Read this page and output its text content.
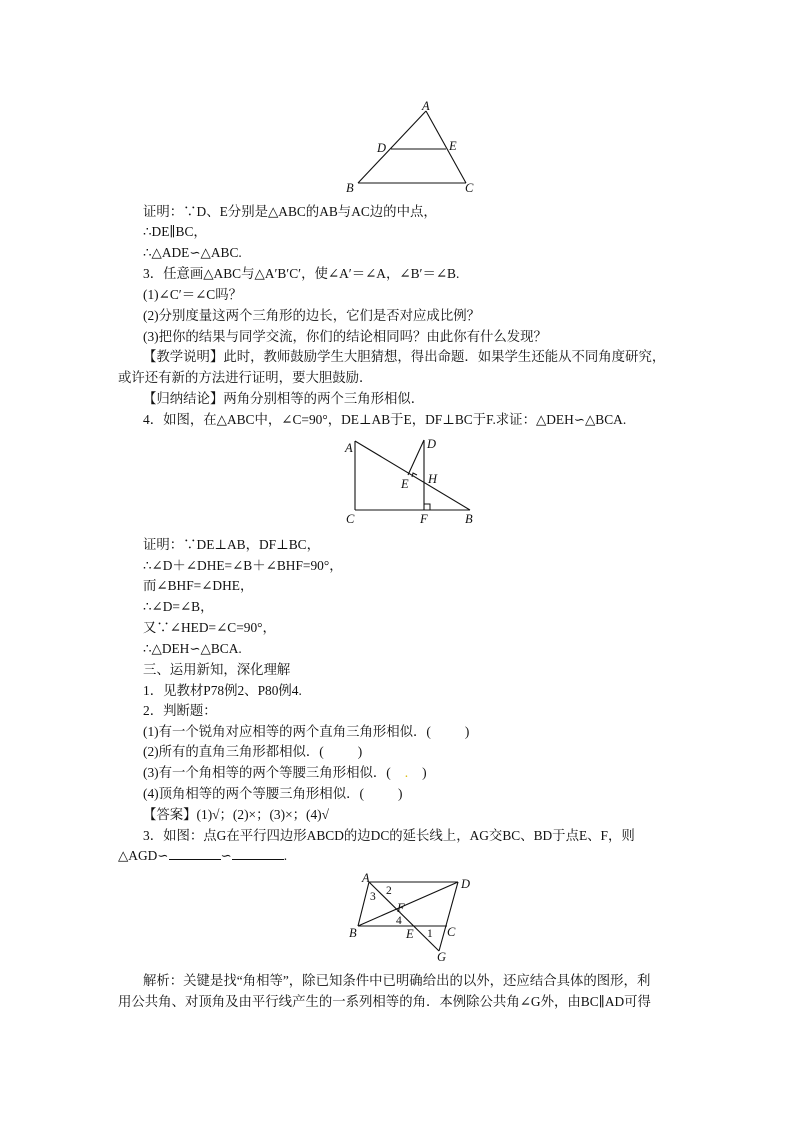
A
D	E
B	C
证明：∵D、E分别是△ABC的AB与AC边的中点，
∴DE∥BC，
∴△ADE∽△ABC.
3．任意画△ABC与△A′B′C′，使∠A′＝∠A，∠B′＝∠B.
(1)∠C′＝∠C吗？
(2)分别度量这两个三角形的边长，它们是否对应成比例？
(3)把你的结果与同学交流，你们的结论相同吗？由此你有什么发现？
【教学说明】此时，教师鼓励学生大胆猜想，得出命题．如果学生还能从不同角度研究，
或许还有新的方法进行证明，要大胆鼓励．
【归纳结论】两角分别相等的两个三角形相似．
4．如图，在△ABC中，∠C=90°，DE⊥AB于E，DF⊥BC于F.求证：△DEH∽△BCA.
A	D
H
E
C	F	B
证明：∵DE⊥AB，DF⊥BC，
∴∠D＋∠DHE=∠B＋∠BHF=90°，
而∠BHF=∠DHE，
∴∠D=∠B，
又∵∠HED=∠C=90°，
∴△DEH∽△BCA.
三、运用新知，深化理解
1．见教材P78例2、P80例4.
2．判断题：
(1)有一个锐角对应相等的两个直角三角形相似．(	)
(2)所有的直角三角形都相似．(	)
(3)有一个角相等的两个等腰三角形相似．( . )
(4)顶角相等的两个等腰三角形相似．(	)
【答案】(1)√；(2)×；(3)×；(4)√
3．如图：点G在平行四边形ABCD的边DC的延长线上，AG交BC、BD于点E、F，则
△AGD∽	∽	.
A	D
2
3
F
4
B	E 1 C
G
解析：关键是找“角相等”，除已知条件中已明确给出的以外，还应结合具体的图形，利
用公共角、对顶角及由平行线产生的一系列相等的角．本例除公共角∠G外，由BC∥AD可得
